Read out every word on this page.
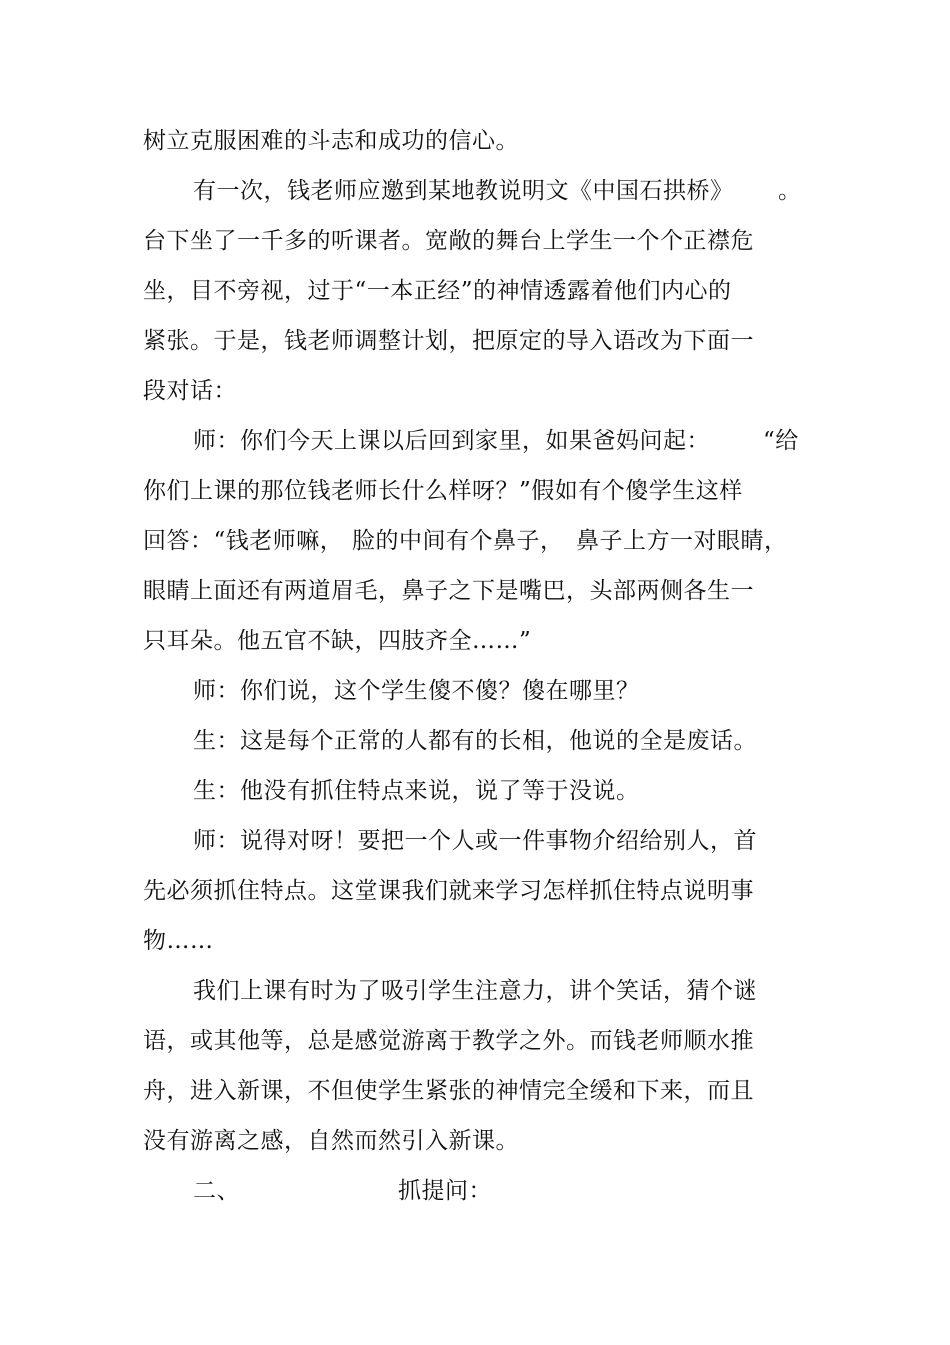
树立克服困难的斗志和成功的信心。
有一次，钱老师应邀到某地教说明文《中国石拱桥》 。
台下坐了一千多的听课者。宽敞的舞台上学生一个个正襟危
坐，目不旁视，过于“一本正经”的神情透露着他们内心的
紧张。于是，钱老师调整计划，把原定的导入语改为下面一
段对话：
师：你们今天上课以后回到家里，如果爸妈问起： “给
你们上课的那位钱老师长什么样呀？”假如有个傻学生这样
回答：“钱老师嘛， 脸的中间有个鼻子， 鼻子上方一对眼睛，
眼睛上面还有两道眉毛，鼻子之下是嘴巴，头部两侧各生一
只耳朵。他五官不缺，四肢齐全……”
师：你们说，这个学生傻不傻？傻在哪里？
生：这是每个正常的人都有的长相，他说的全是废话。
生：他没有抓住特点来说，说了等于没说。
师：说得对呀！要把一个人或一件事物介绍给别人，首
先必须抓住特点。这堂课我们就来学习怎样抓住特点说明事
物……
我们上课有时为了吸引学生注意力，讲个笑话，猜个谜
语，或其他等，总是感觉游离于教学之外。而钱老师顺水推
舟，进入新课，不但使学生紧张的神情完全缓和下来，而且
没有游离之感，自然而然引入新课。
二、	抓提问：
